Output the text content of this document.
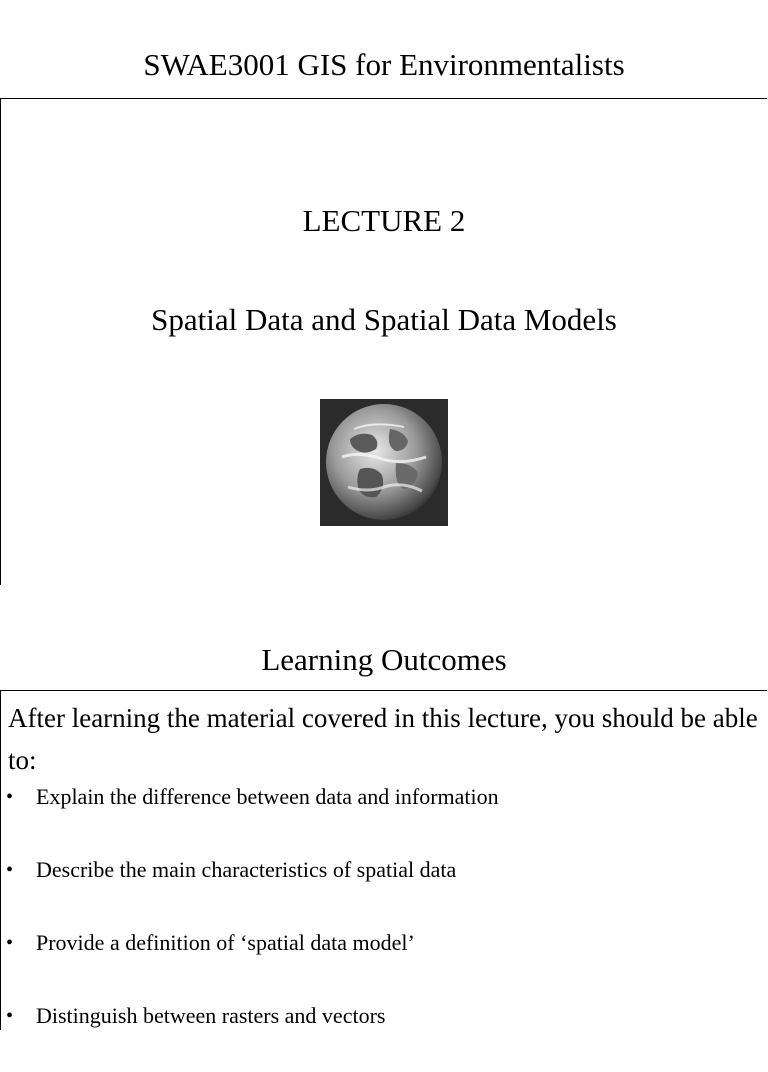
SWAE3001 GIS for Environmentalists
LECTURE 2
Spatial Data and Spatial Data Models
Learning Outcomes
After learning the material covered in this lecture, you should be able to:
• Explain the difference between data and information
• Describe the main characteristics of spatial data
• Provide a definition of ‘spatial data model’
• Distinguish between rasters and vectors
